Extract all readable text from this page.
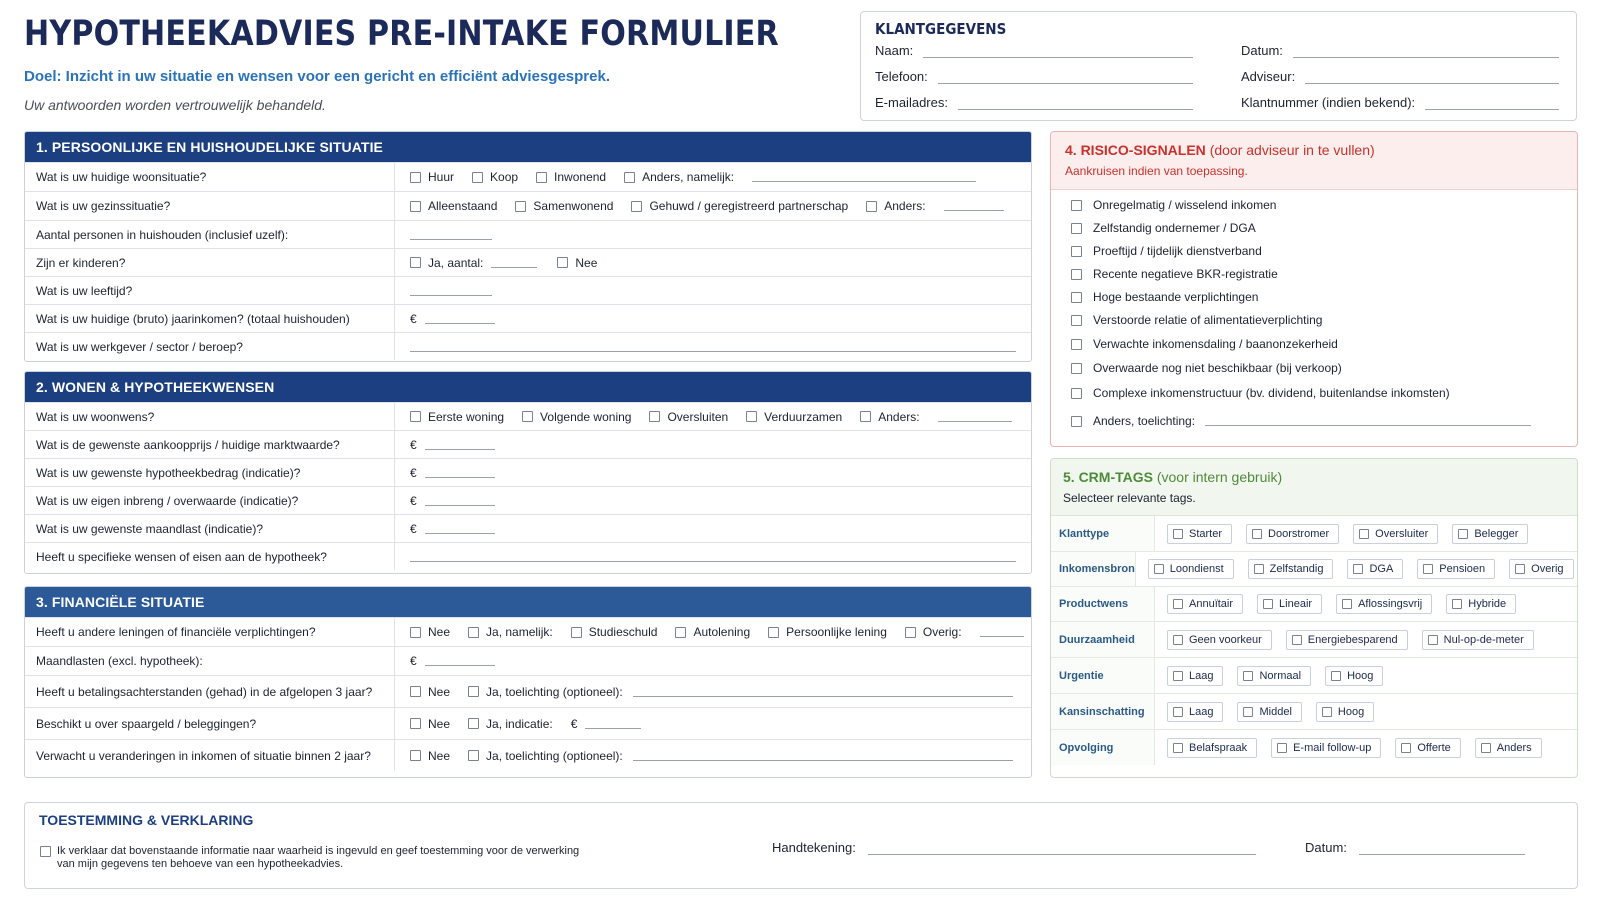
HYPOTHEEKADVIES PRE-INTAKE FORMULIER
Doel: Inzicht in uw situatie en wensen voor een gericht en efficiënt adviesgesprek.
Uw antwoorden worden vertrouwelijk behandeld.
KLANTGEGEVENS
Naam:
Telefoon:
E-mailadres:
Datum:
Adviseur:
Klantnummer (indien bekend):
1. PERSOONLIJKE EN HUISHOUDELIJKE SITUATIE
Wat is uw huidige woonsituatie?	Huur	Koop	Inwonend	Anders, namelijk:
Wat is uw gezinssituatie?	Alleenstaand	Samenwonend	Gehuwd / geregistreerd partnerschap	Anders:
Aantal personen in huishouden (inclusief uzelf):
Zijn er kinderen?	Ja, aantal:	Nee
Wat is uw leeftijd?
Wat is uw huidige (bruto) jaarinkomen? (totaal huishouden)	€
Wat is uw werkgever / sector / beroep?
2. WONEN & HYPOTHEEKWENSEN
Wat is uw woonwens?	Eerste woning	Volgende woning	Oversluiten	Verduurzamen	Anders:
Wat is de gewenste aankoopprijs / huidige marktwaarde?	€
Wat is uw gewenste hypotheekbedrag (indicatie)?	€
Wat is uw eigen inbreng / overwaarde (indicatie)?	€
Wat is uw gewenste maandlast (indicatie)?	€
Heeft u specifieke wensen of eisen aan de hypotheek?
3. FINANCIËLE SITUATIE
Heeft u andere leningen of financiële verplichtingen?	Nee	Ja, namelijk:	Studieschuld	Autolening	Persoonlijke lening	Overig:
Maandlasten (excl. hypotheek):	€
Heeft u betalingsachterstanden (gehad) in de afgelopen 3 jaar?	Nee	Ja, toelichting (optioneel):
Beschikt u over spaargeld / beleggingen?	Nee	Ja, indicatie: €
Verwacht u veranderingen in inkomen of situatie binnen 2 jaar?	Nee	Ja, toelichting (optioneel):
4. RISICO-SIGNALEN (door adviseur in te vullen)
Aankruisen indien van toepassing.
Onregelmatig / wisselend inkomen
Zelfstandig ondernemer / DGA
Proeftijd / tijdelijk dienstverband
Recente negatieve BKR-registratie
Hoge bestaande verplichtingen
Verstoorde relatie of alimentatieverplichting
Verwachte inkomensdaling / baanonzekerheid
Overwaarde nog niet beschikbaar (bij verkoop)
Complexe inkomenstructuur (bv. dividend, buitenlandse inkomsten)
Anders, toelichting:
5. CRM-TAGS (voor intern gebruik)
Selecteer relevante tags.
Klanttype	Starter	Doorstromer	Oversluiter	Belegger
Inkomensbron	Loondienst	Zelfstandig	DGA	Pensioen	Overig
Productwens	Annuïtair	Lineair	Aflossingsvrij	Hybride
Duurzaamheid	Geen voorkeur	Energiebesparend	Nul-op-de-meter
Urgentie	Laag	Normaal	Hoog
Kansinschatting	Laag	Middel	Hoog
Opvolging	Belafspraak	E-mail follow-up	Offerte	Anders
TOESTEMMING & VERKLARING
Ik verklaar dat bovenstaande informatie naar waarheid is ingevuld en geef toestemming voor de verwerking van mijn gegevens ten behoeve van een hypotheekadvies.
Handtekening:	Datum:
